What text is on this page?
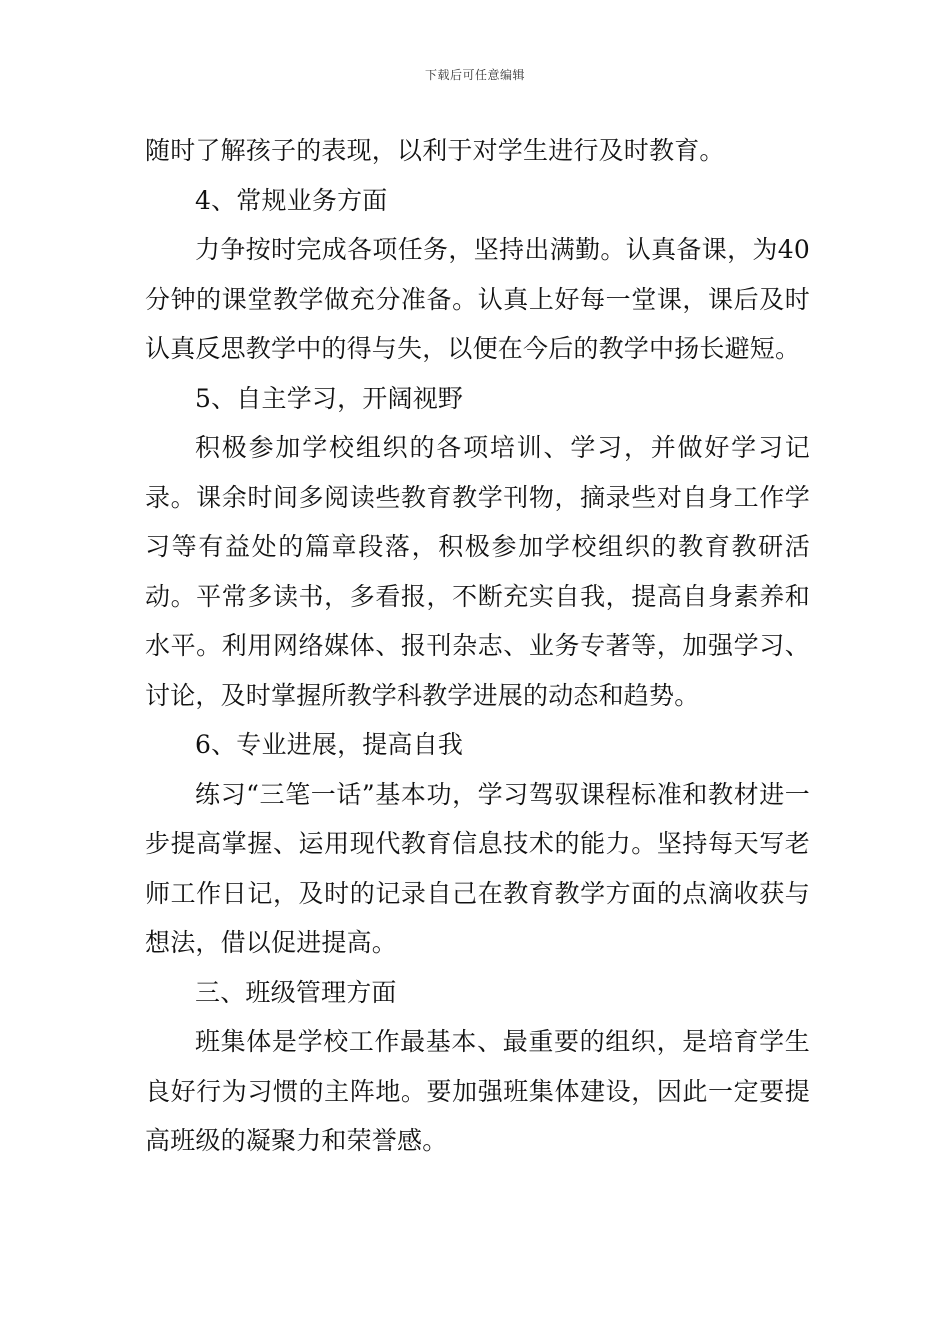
下载后可任意编辑

随时了解孩子的表现，以利于对学生进行及时教育。

4、常规业务方面

力争按时完成各项任务，坚持出满勤。认真备课，为40分钟的课堂教学做充分准备。认真上好每一堂课，课后及时认真反思教学中的得与失，以便在今后的教学中扬长避短。

5、自主学习，开阔视野

积极参加学校组织的各项培训、学习，并做好学习记录。课余时间多阅读些教育教学刊物，摘录些对自身工作学习等有益处的篇章段落，积极参加学校组织的教育教研活动。平常多读书，多看报，不断充实自我，提高自身素养和水平。利用网络媒体、报刊杂志、业务专著等，加强学习、讨论，及时掌握所教学科教学进展的动态和趋势。

6、专业进展，提高自我

练习“三笔一话”基本功，学习驾驭课程标准和教材进一步提高掌握、运用现代教育信息技术的能力。坚持每天写老师工作日记，及时的记录自己在教育教学方面的点滴收获与想法，借以促进提高。

三、班级管理方面

班集体是学校工作最基本、最重要的组织，是培育学生良好行为习惯的主阵地。要加强班集体建设，因此一定要提高班级的凝聚力和荣誉感。
